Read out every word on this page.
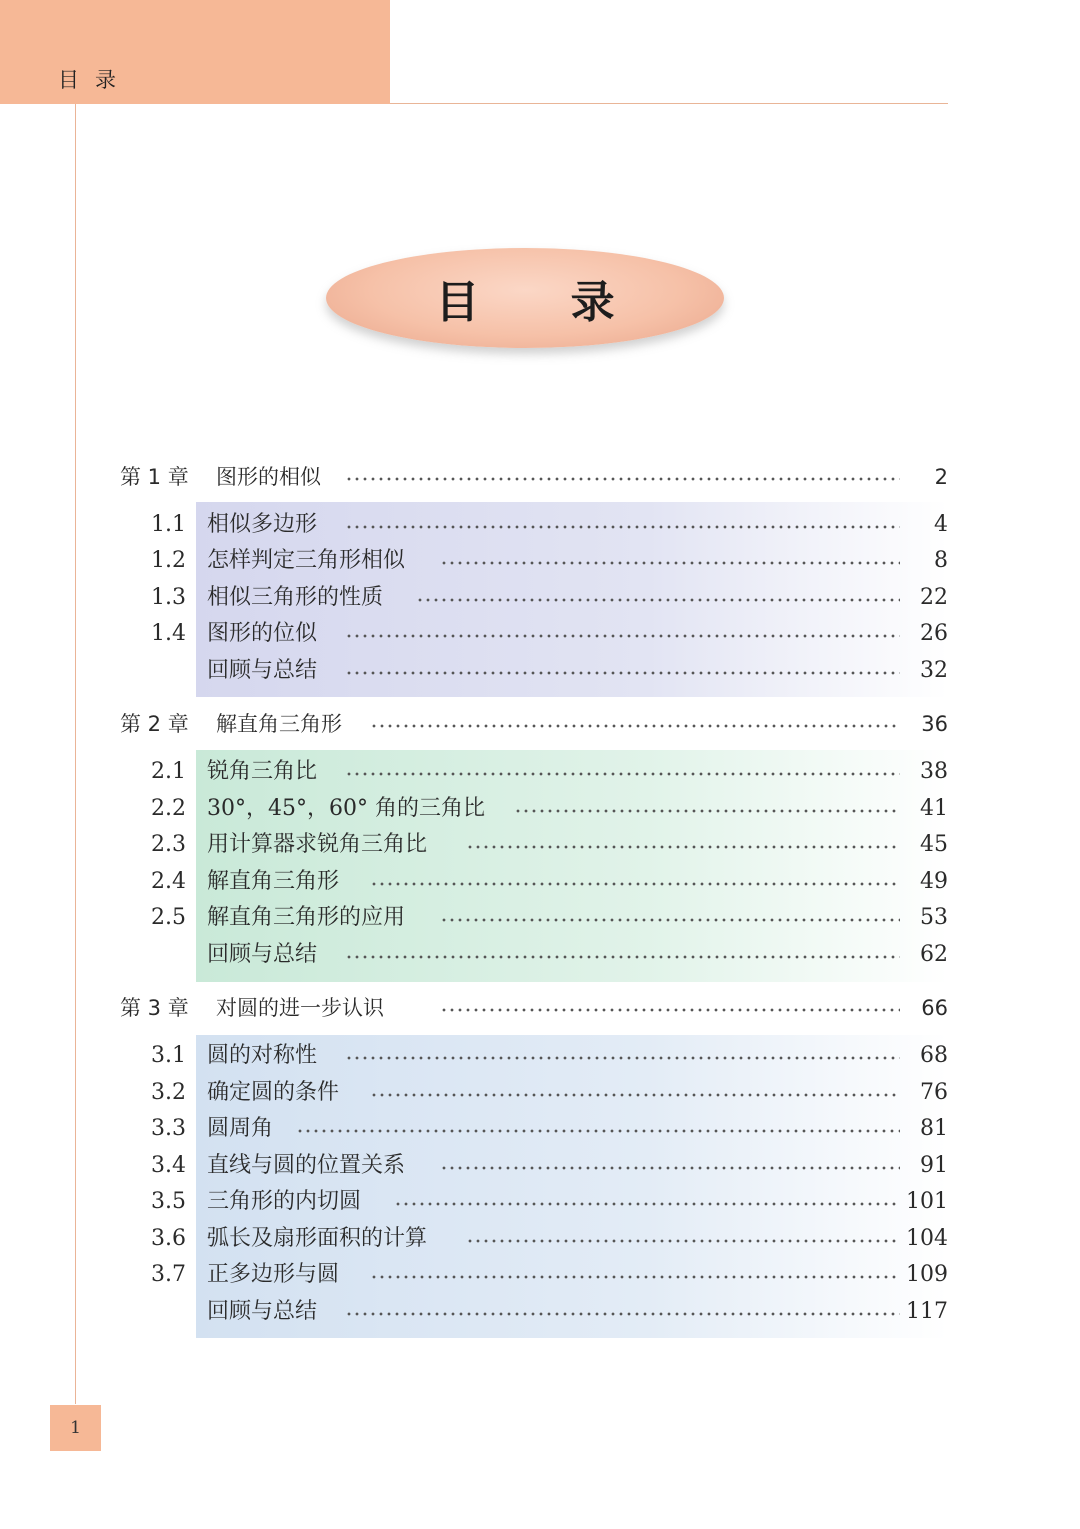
目录
目 录
第 1 章 图形的相似	2
1.1 相似多边形	4
1.2 怎样判定三角形相似	8
1.3 相似三角形的性质	22
1.4 图形的位似	26
回顾与总结	32
第 2 章 解直角三角形	36
2.1 锐角三角比	38
2.2 30°，45°，60° 角的三角比	41
2.3 用计算器求锐角三角比	45
2.4 解直角三角形	49
2.5 解直角三角形的应用	53
回顾与总结	62
第 3 章 对圆的进一步认识	66
3.1 圆的对称性	68
3.2 确定圆的条件	76
3.3 圆周角	81
3.4 直线与圆的位置关系	91
3.5 三角形的内切圆	101
3.6 弧长及扇形面积的计算	104
3.7 正多边形与圆	109
回顾与总结	117
1
